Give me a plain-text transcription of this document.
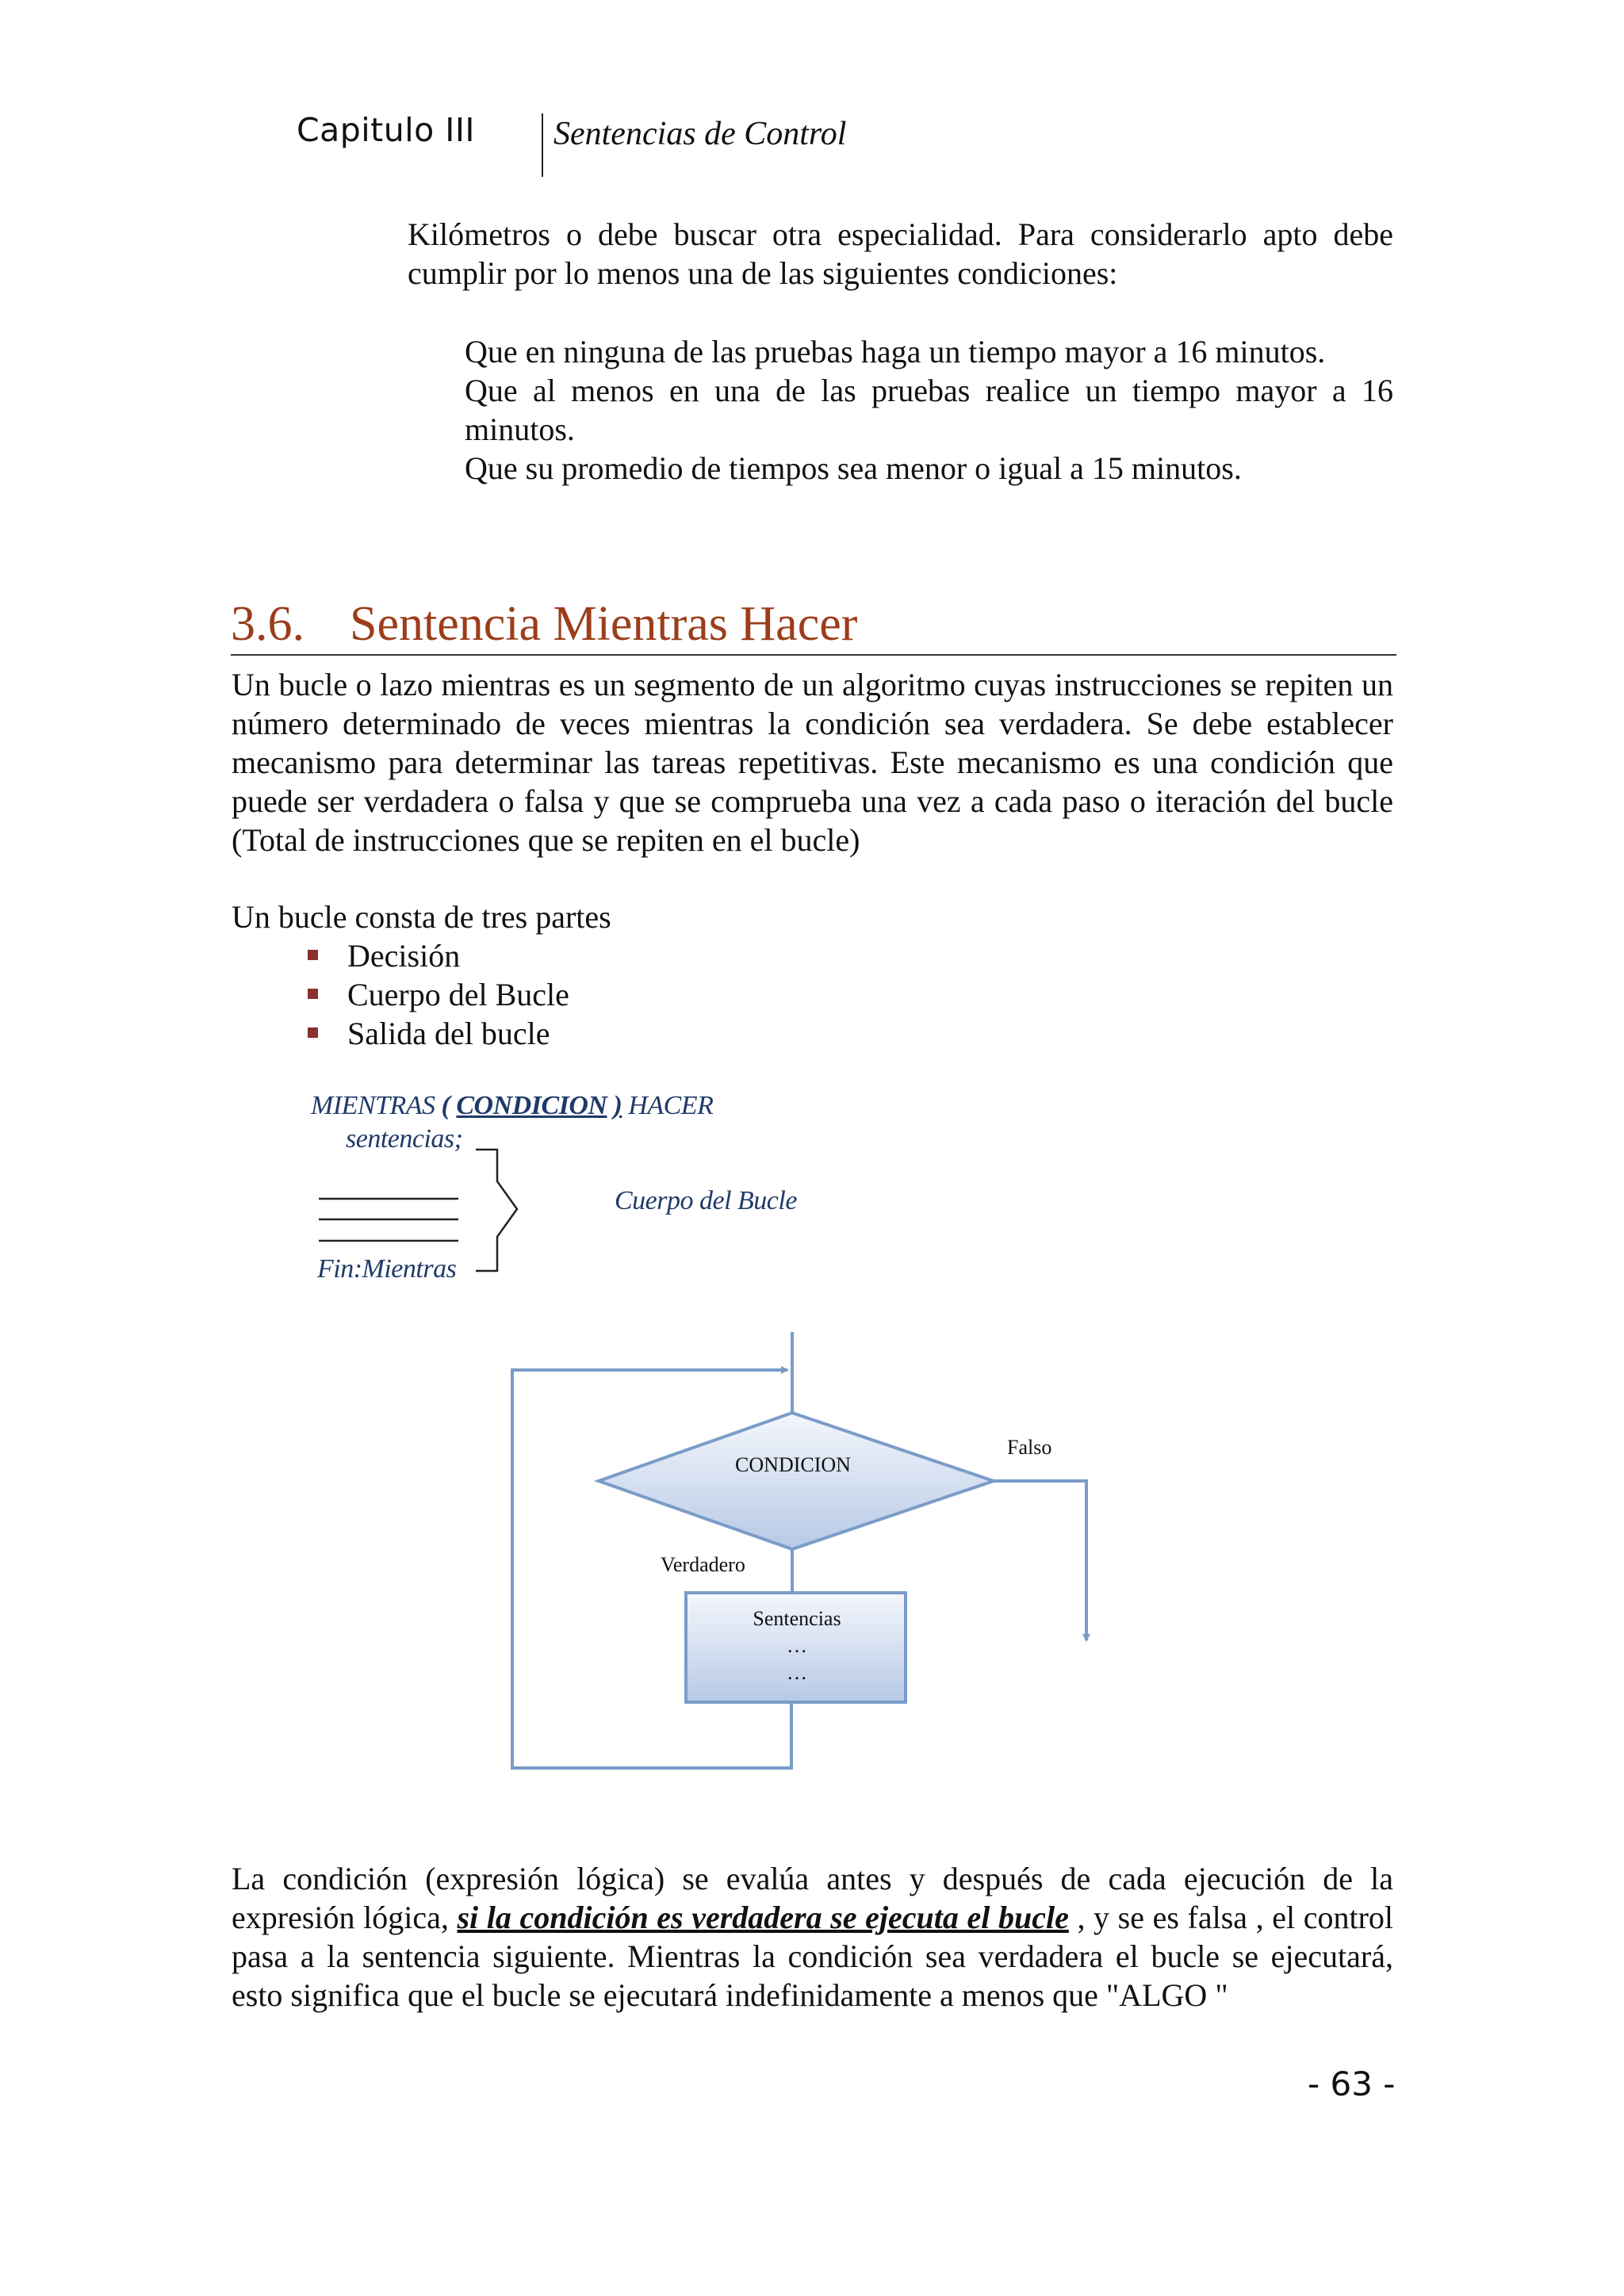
Capitulo III Sentencias de Control
Kilómetros o debe buscar otra especialidad. Para considerarlo apto debe cumplir por lo menos una de las siguientes condiciones:
Que en ninguna de las pruebas haga un tiempo mayor a 16 minutos.
Que al menos en una de las pruebas realice un tiempo mayor a 16 minutos.
Que su promedio de tiempos sea menor o igual a 15 minutos.
3.6. Sentencia Mientras Hacer
Un bucle o lazo mientras es un segmento de un algoritmo cuyas instrucciones se repiten un número determinado de veces mientras la condición sea verdadera. Se debe establecer mecanismo para determinar las tareas repetitivas. Este mecanismo es una condición que puede ser verdadera o falsa y que se comprueba una vez a cada paso o iteración del bucle (Total de instrucciones que se repiten en el bucle)
Un bucle consta de tres partes
Decisión
Cuerpo del Bucle
Salida del bucle
MIENTRAS ( CONDICION ) HACER
sentencias;
Cuerpo del Bucle
Fin:Mientras
CONDICION
Falso
Verdadero
Sentencias
…
…
La condición (expresión lógica) se evalúa antes y después de cada ejecución de la expresión lógica, si la condición es verdadera se ejecuta el bucle , y se es falsa , el control pasa a la sentencia siguiente. Mientras la condición sea verdadera el bucle se ejecutará, esto significa que el bucle se ejecutará indefinidamente a menos que "ALGO "
- 63 -
